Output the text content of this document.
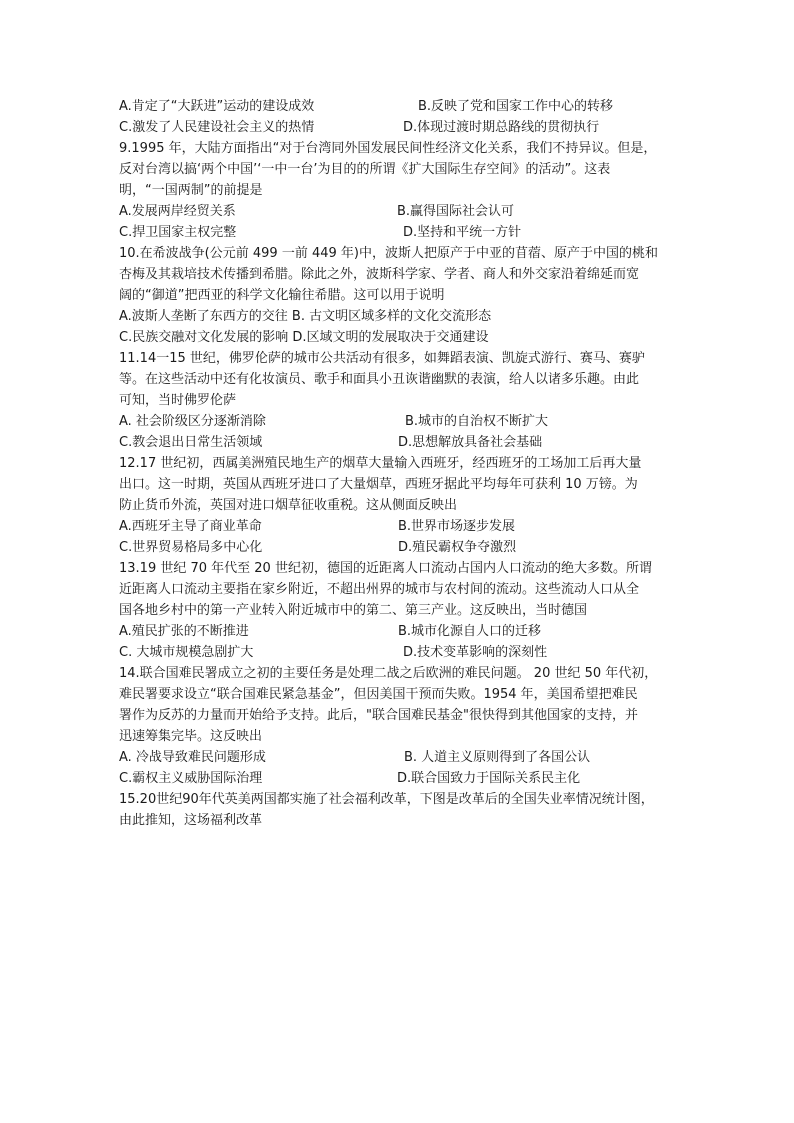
A.肯定了“大跃进”运动的建设成效	B.反映了党和国家工作中心的转移
C.激发了人民建设社会主义的热情	D.体现过渡时期总路线的贯彻执行
9.1995 年，大陆方面指出“对于台湾同外国发展民间性经济文化关系，我们不持异议。但是，
反对台湾以搞‘两个中国’‘一中一台’为目的的所谓《扩大国际生存空间》的活动”。这表
明，“一国两制”的前提是
A.发展两岸经贸关系	B.赢得国际社会认可
C.捍卫国家主权完整	D.坚持和平统一方针
10.在希波战争(公元前 499 一前 449 年)中，波斯人把原产于中亚的苜蓿、原产于中国的桃和
杏梅及其栽培技术传播到希腊。除此之外，波斯科学家、学者、商人和外交家沿着绵延而宽
阔的“御道”把西亚的科学文化输往希腊。这可以用于说明
A.波斯人垄断了东西方的交往 B. 古文明区域多样的文化交流形态
C.民族交融对文化发展的影响 D.区域文明的发展取决于交通建设
11.14一15 世纪，佛罗伦萨的城市公共活动有很多，如舞蹈表演、凯旋式游行、赛马、赛驴
等。在这些活动中还有化妆演员、歌手和面具小丑诙谐幽默的表演，给人以诸多乐趣。由此
可知，当时佛罗伦萨
A. 社会阶级区分逐渐消除	B.城市的自治权不断扩大
C.教会退出日常生活领域	D.思想解放具备社会基础
12.17 世纪初，西属美洲殖民地生产的烟草大量输入西班牙，经西班牙的工场加工后再大量
出口。这一时期，英国从西班牙进口了大量烟草，西班牙据此平均每年可获利 10 万镑。为
防止货币外流，英国对进口烟草征收重税。这从侧面反映出
A.西班牙主导了商业革命	B.世界市场逐步发展
C.世界贸易格局多中心化	D.殖民霸权争夺激烈
13.19 世纪 70 年代至 20 世纪初，德国的近距离人口流动占国内人口流动的绝大多数。所谓
近距离人口流动主要指在家乡附近，不超出州界的城市与农村间的流动。这些流动人口从全
国各地乡村中的第一产业转入附近城市中的第二、第三产业。这反映出，当时德国
A.殖民扩张的不断推进	B.城市化源自人口的迁移
C. 大城市规模急剧扩大	D.技术变革影响的深刻性
14.联合国难民署成立之初的主要任务是处理二战之后欧洲的难民问题。 20 世纪 50 年代初，
难民署要求设立“联合国难民紧急基金”，但因美国干预而失败。1954 年，美国希望把难民
署作为反苏的力量而开始给予支持。此后，"联合国难民基金"很快得到其他国家的支持，并
迅速筹集完毕。这反映出
A. 冷战导致难民问题形成	B. 人道主义原则得到了各国公认
C.霸权主义威胁国际治理	D.联合国致力于国际关系民主化
15.20世纪90年代英美两国都实施了社会福利改革，下图是改革后的全国失业率情况统计图，
由此推知，这场福利改革
